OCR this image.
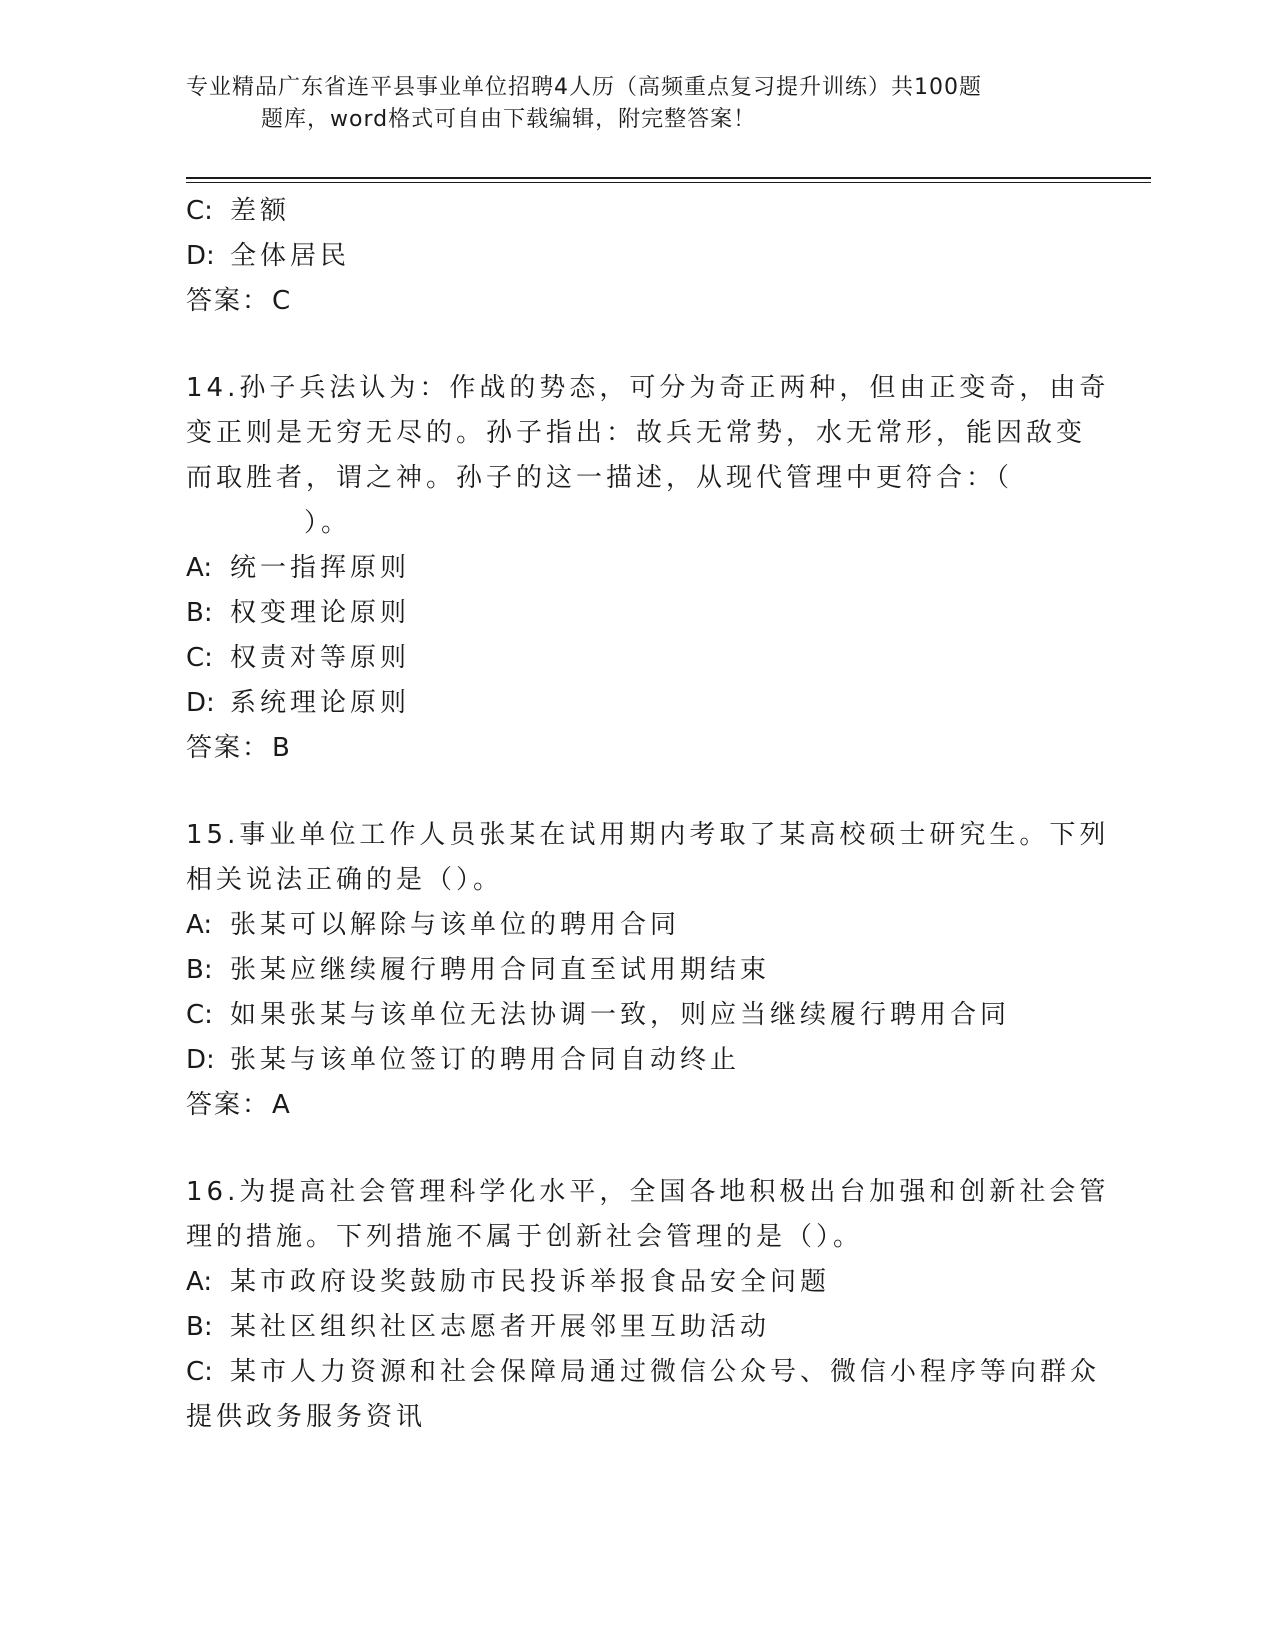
专业精品广东省连平县事业单位招聘4人历（高频重点复习提升训练）共100题
题库，word格式可自由下载编辑，附完整答案！
C: 差额
D: 全体居民
答案：C
14.孙子兵法认为：作战的势态，可分为奇正两种，但由正变奇，由奇
变正则是无穷无尽的。孙子指出：故兵无常势，水无常形，能因敌变
而取胜者，谓之神。孙子的这一描述，从现代管理中更符合：（
）。
A: 统一指挥原则
B: 权变理论原则
C: 权责对等原则
D: 系统理论原则
答案：B
15.事业单位工作人员张某在试用期内考取了某高校硕士研究生。下列
相关说法正确的是（）。
A: 张某可以解除与该单位的聘用合同
B: 张某应继续履行聘用合同直至试用期结束
C: 如果张某与该单位无法协调一致，则应当继续履行聘用合同
D: 张某与该单位签订的聘用合同自动终止
答案：A
16.为提高社会管理科学化水平，全国各地积极出台加强和创新社会管
理的措施。下列措施不属于创新社会管理的是（）。
A: 某市政府设奖鼓励市民投诉举报食品安全问题
B: 某社区组织社区志愿者开展邻里互助活动
C: 某市人力资源和社会保障局通过微信公众号、微信小程序等向群众
提供政务服务资讯
